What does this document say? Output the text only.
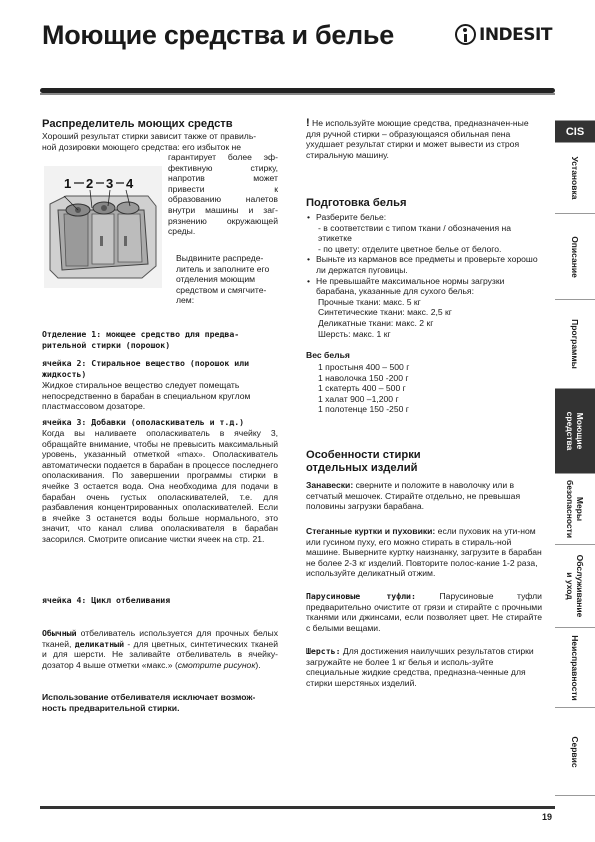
Моющие средства и белье	INDESIT
Распределитель моющих средств

Хороший результат стирки зависит также от правиль-

ной дозировки моющего средства: его избыток не

гарантирует более эф-

фективную стирку,

напротив может

привести к

образованию налетов

внутри машины и заг-

рязнению окружающей

среды.

Выдвините распреде-

литель и заполните его

отделения моющим

средством и смягчите-

лем:

1 2 3 4
Отделение 1: моющее средство для предва-рительной стирки (порошок)
ячейка 2: Стиральное вещество (порошок или жидкость)
Жидкое стиральное вещество следует помещать непосредственно в барабан в специальном круглом пластмассовом дозаторе.
ячейка 3: Добавки (ополаскиватель и т.д.)
Когда вы наливаете ополаскиватель в ячейку 3, обращайте внимание, чтобы не превысить максимальный уровень, указанный отметкой «max». Ополаскиватель автоматически подается в барабан в процессе последнего ополаскивания. По завершении программы стирки в ячейке 3 остается вода. Она необходима для подачи в барабан очень густых ополаскивателей, т.е. для разбавления концентрированных ополаскивателей. Если в ячейке 3 останется воды больше нормального, это значит, что канал слива ополаскивателя в барабан засорился. Смотрите описание чистки ячеек на стр. 21.
ячейка 4: Цикл отбеливания
Обычный отбеливатель используется для прочных белых тканей, деликатный - для цветных, синтетических тканей и для шерсти. Не заливайте отбеливатель в ячейку-дозатор 4 выше отметки «макс.» (смотрите рисунок).
Использование отбеливателя исключает возмож-ность предварительной стирки.
! Не используйте моющие средства, предназначен-ные для ручной стирки – образующаяся обильная пена ухудшает результат стирки и может вывести из строя стиральную машину.
Подготовка белья
• Разберите белье:

- в соответствии с типом ткани / обозначения на этикетке

- по цвету: отделите цветное белье от белого.

• Выньте из карманов все предметы и проверьте хорошо ли держатся пуговицы.
• Не превышайте максимальное нормы загрузки барабана, указанные для сухого белья:

Прочные ткани: макс. 5 кг

Синтетические ткани: макс. 2,5 кг

Деликатные ткани: макс. 2 кг

Шерсть: макс. 1 кг

Вес белья

1 простыня 400 – 500 г

1 наволочка 150 -200 г

1 скатерть 400 – 500 г

1 халат 900 –1,200 г

1 полотенце 150 -250 г

Особенности стирки отдельных изделий
Занавески: сверните и положите в наволочку или в сетчатый мешочек. Стирайте отдельно, не превышая половины загрузки барабана.
Стеганные куртки и пуховики: если пуховик на ути-ном или гусином пуху, его можно стирать в стираль-ной машине. Выверните куртку наизнанку, загрузите в барабан не более 2-3 кг изделий. Повторите полос-кание 1-2 раза, используйте деликатный отжим.
Парусиновые туфли: Парусиновые туфли предварительно очистите от грязи и стирайте с прочными тканями или джинсами, если позволяет цвет. Не стирайте с белыми вещами.
Шерсть: Для достижения наилучших результатов стирки загружайте не более 1 кг белья и исполь-зуйте специальные жидкие средства, предназна-ченные для стирки шерстяных изделий.
CIS
Установка
Описание
Программы
Моющие средства
Меры безопасности
Обслуживание и уход
Неисправности
Сервис
19
